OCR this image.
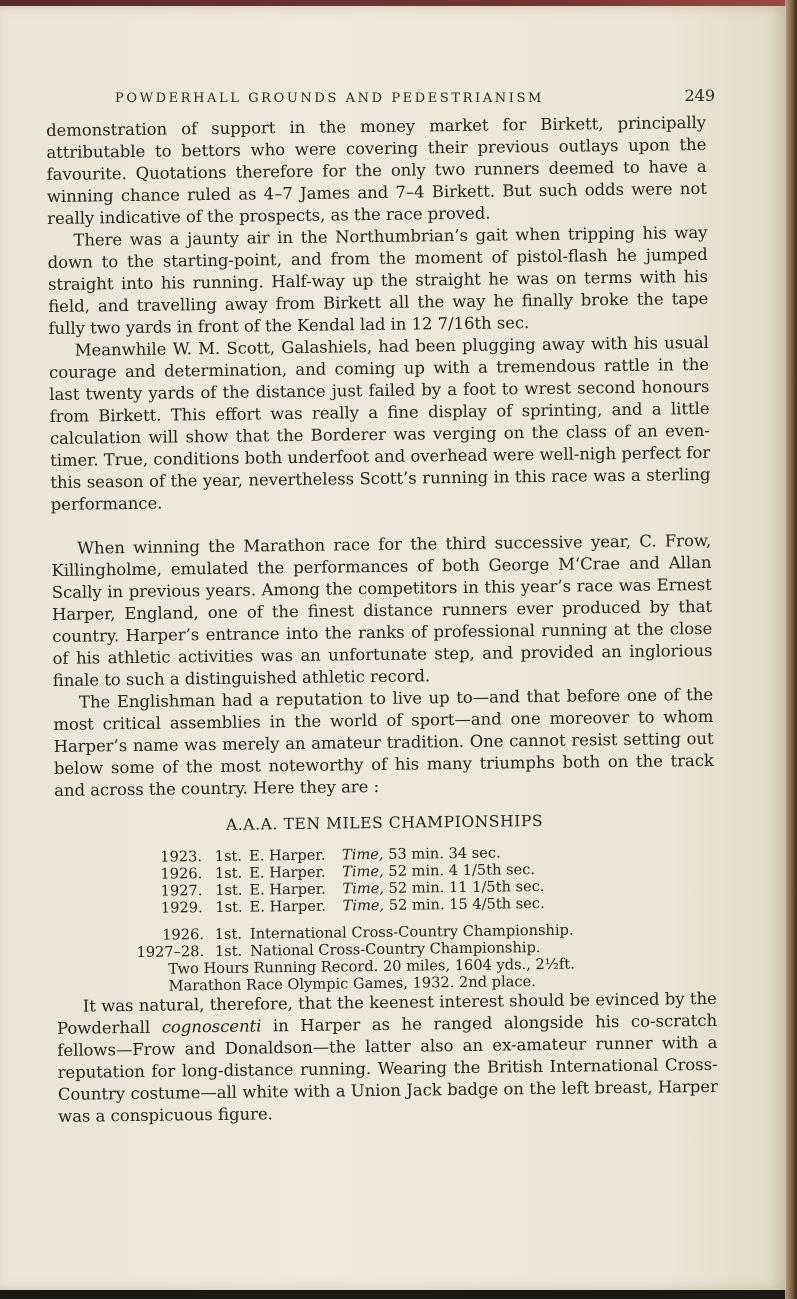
POWDERHALL GROUNDS AND PEDESTRIANISM	249

demonstration of support in the money market for Birkett, principally attributable to bettors who were covering their previous outlays upon the favourite. Quotations therefore for the only two runners deemed to have a winning chance ruled as 4–7 James and 7–4 Birkett. But such odds were not really indicative of the prospects, as the race proved.

There was a jaunty air in the Northumbrian’s gait when tripping his way down to the starting-point, and from the moment of pistol-flash he jumped straight into his running. Half-way up the straight he was on terms with his field, and travelling away from Birkett all the way he finally broke the tape fully two yards in front of the Kendal lad in 12 7/16th sec.

Meanwhile W. M. Scott, Galashiels, had been plugging away with his usual courage and determination, and coming up with a tremendous rattle in the last twenty yards of the distance just failed by a foot to wrest second honours from Birkett. This effort was really a fine display of sprinting, and a little calculation will show that the Borderer was verging on the class of an even-timer. True, conditions both underfoot and overhead were well-nigh perfect for this season of the year, nevertheless Scott’s running in this race was a sterling performance.

When winning the Marathon race for the third successive year, C. Frow, Killingholme, emulated the performances of both George M‘Crae and Allan Scally in previous years. Among the competitors in this year’s race was Ernest Harper, England, one of the finest distance runners ever produced by that country. Harper’s entrance into the ranks of professional running at the close of his athletic activities was an unfortunate step, and provided an inglorious finale to such a distinguished athletic record.

The Englishman had a reputation to live up to—and that before one of the most critical assemblies in the world of sport—and one moreover to whom Harper’s name was merely an amateur tradition. One cannot resist setting out below some of the most noteworthy of his many triumphs both on the track and across the country. Here they are :

A.A.A. TEN MILES CHAMPIONSHIPS
1923. 1st. E. Harper.	Time, 53 min. 34 sec.
1926. 1st. E. Harper.	Time, 52 min. 4 1/5th sec.
1927. 1st. E. Harper.	Time, 52 min. 11 1/5th sec.
1929. 1st. E. Harper.	Time, 52 min. 15 4/5th sec.
1926. 1st. International Cross-Country Championship.
1927–28. 1st. National Cross-Country Championship.
Two Hours Running Record. 20 miles, 1604 yds., 2½ft.
Marathon Race Olympic Games, 1932. 2nd place.

It was natural, therefore, that the keenest interest should be evinced by the Powderhall cognoscenti in Harper as he ranged alongside his co-scratch fellows—Frow and Donaldson—the latter also an ex-amateur runner with a reputation for long-distance running. Wearing the British International Cross-Country costume—all white with a Union Jack badge on the left breast, Harper was a conspicuous figure.
